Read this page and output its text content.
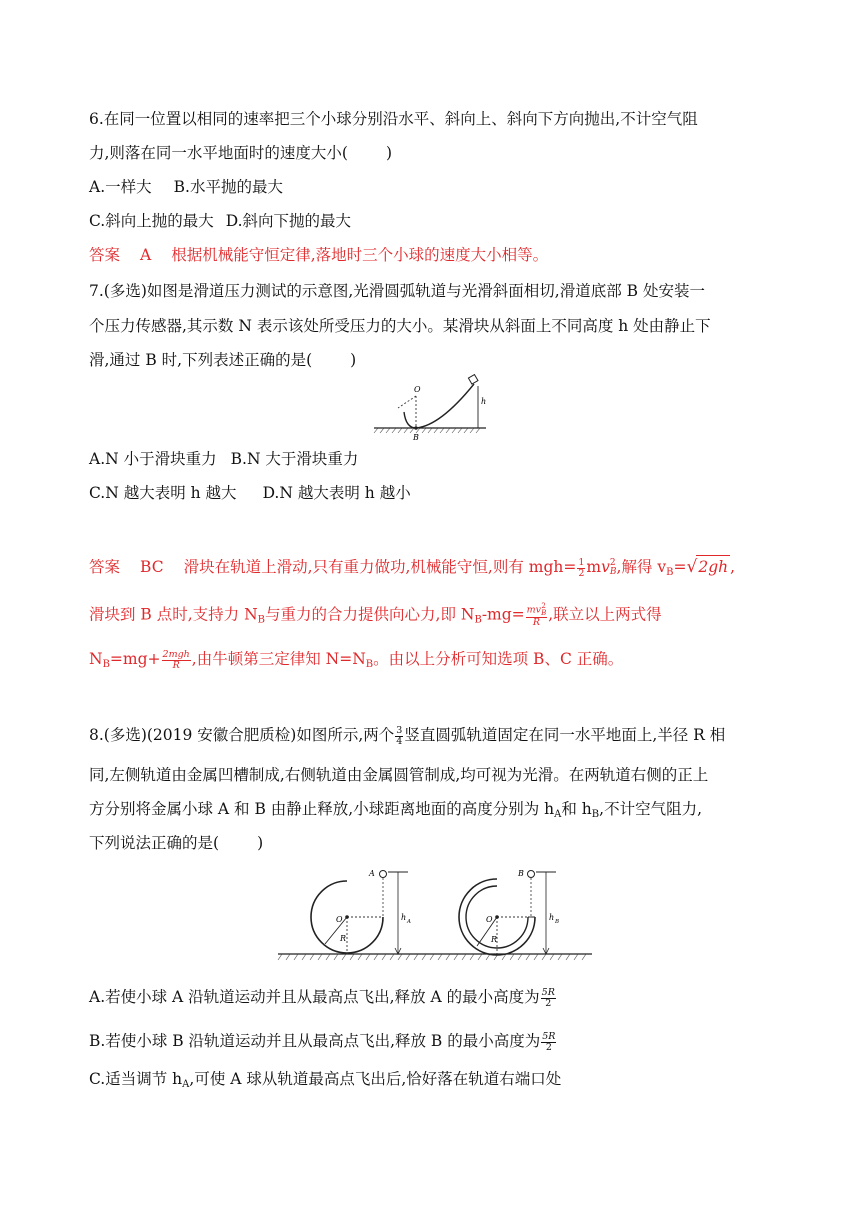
6.在同一位置以相同的速率把三个小球分别沿水平、斜向上、斜向下方向抛出,不计空气阻
力,则落在同一水平地面时的速度大小( )
A.一样大 B.水平抛的最大
C.斜向上抛的最大 D.斜向下抛的最大
答案 A 根据机械能守恒定律,落地时三个小球的速度大小相等。
7.(多选)如图是滑道压力测试的示意图,光滑圆弧轨道与光滑斜面相切,滑道底部 B 处安装一
个压力传感器,其示数 N 表示该处所受压力的大小。某滑块从斜面上不同高度 h 处由静止下
滑,通过 B 时,下列表述正确的是( )
O
B
h
A.N 小于滑块重力 B.N 大于滑块重力
C.N 越大表明 h 越大 D.N 越大表明 h 越小
答案 BC 滑块在轨道上滑动,只有重力做功,机械能守恒,则有 $mgh= \frac{1}{2}$ mv 2
B ,解得 $v_B=√2gh$ ,
滑块到 B 点时,支持力 $N_B$与重力的合力提供向心力,即 $N_B-mg=$ mv 2
B
R ,联立以上两式得
$N_B=mg+ \frac{\text{2mgh}}{R}$ ,由牛顿第三定律知 $N=N_B$。由以上分析可知选项 B、C 正确。
8.(多选)(2019 安徽合肥质检)如图所示,两个 $\frac{3}{4}$ 竖直圆弧轨道固定在同一水平地面上,半径 R 相
同,左侧轨道由金属凹槽制成,右侧轨道由金属圆管制成,均可视为光滑。在两轨道右侧的正上
方分别将金属小球 A 和 B 由静止释放,小球距离地面的高度分别为 $h_A$和 $h_B$,不计空气阻力,
下列说法正确的是( )
A
O
R
h A
B
O
R
h B
A.若使小球 A 沿轨道运动并且从最高点飞出,释放 A 的最小高度为 $\frac{5R}{2}$
B.若使小球 B 沿轨道运动并且从最高点飞出,释放 B 的最小高度为 $\frac{5R}{2}$
C.适当调节 $h_A$,可使 A 球从轨道最高点飞出后,恰好落在轨道右端口处
